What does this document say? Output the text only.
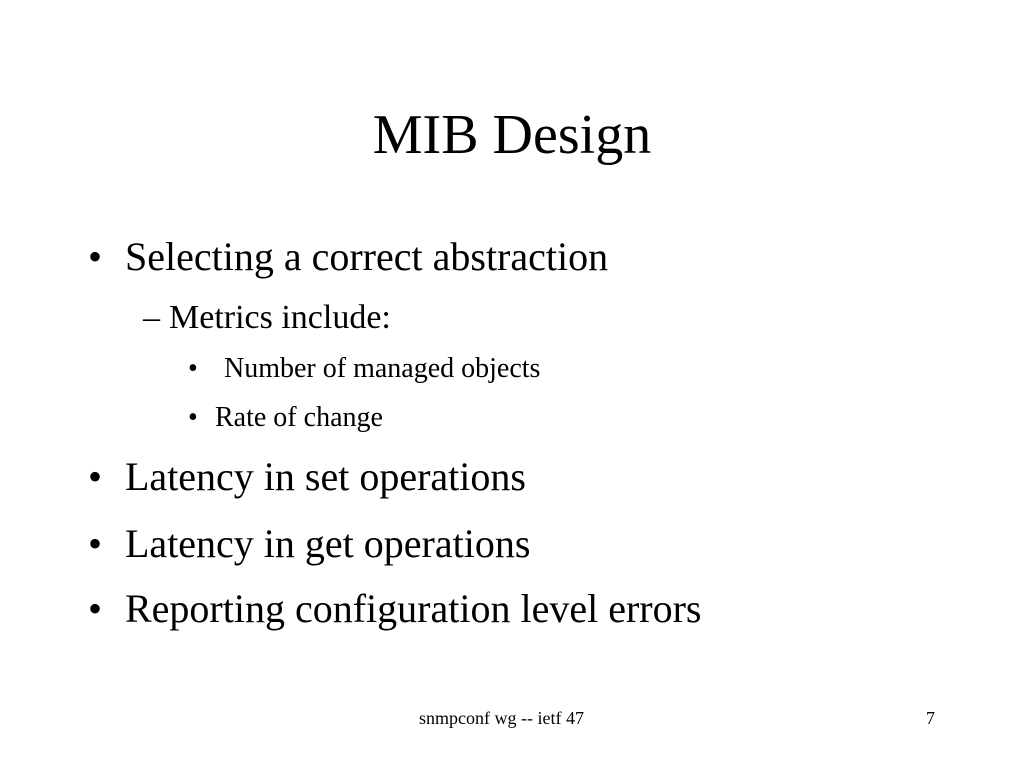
MIB Design
• Selecting a correct abstraction
– Metrics include:
• Number of managed objects
• Rate of change
• Latency in set operations
• Latency in get operations
• Reporting configuration level errors
snmpconf wg -- ietf 47	7
